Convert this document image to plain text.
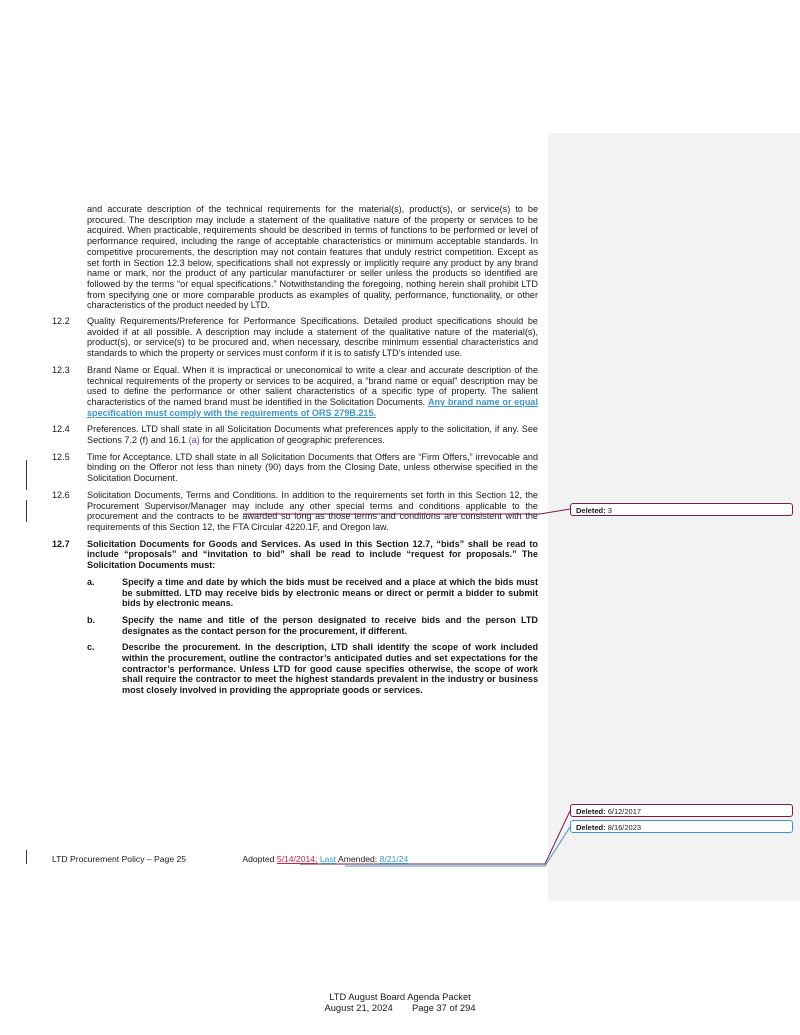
and accurate description of the technical requirements for the material(s), product(s), or service(s) to be procured. The description may include a statement of the qualitative nature of the property or services to be acquired. When practicable, requirements should be described in terms of functions to be performed or level of performance required, including the range of acceptable characteristics or minimum acceptable standards. In competitive procurements, the description may not contain features that unduly restrict competition. Except as set forth in Section 12.3 below, specifications shall not expressly or implicitly require any product by any brand name or mark, nor the product of any particular manufacturer or seller unless the products so identified are followed by the terms “or equal specifications.” Notwithstanding the foregoing, nothing herein shall prohibit LTD from specifying one or more comparable products as examples of quality, performance, functionality, or other characteristics of the product needed by LTD.

12.2 Quality Requirements/Preference for Performance Specifications. Detailed product specifications should be avoided if at all possible. A description may include a statement of the qualitative nature of the material(s), product(s), or service(s) to be procured and, when necessary, describe minimum essential characteristics and standards to which the property or services must conform if it is to satisfy LTD’s intended use.
12.3 Brand Name or Equal. When it is impractical or uneconomical to write a clear and accurate description of the technical requirements of the property or services to be acquired, a “brand name or equal” description may be used to define the performance or other salient characteristics of a specific type of property. The salient characteristics of the named brand must be identified in the Solicitation Documents. Any brand name or equal specification must comply with the requirements of ORS 279B.215.
12.4 Preferences. LTD shall state in all Solicitation Documents what preferences apply to the solicitation, if any. See Sections 7.2 (f) and 16.1 (a) for the application of geographic preferences.
12.5 Time for Acceptance. LTD shall state in all Solicitation Documents that Offers are “Firm Offers,” irrevocable and binding on the Offeror not less than ninety (90) days from the Closing Date, unless otherwise specified in the Solicitation Document.
12.6 Solicitation Documents, Terms and Conditions. In addition to the requirements set forth in this Section 12, the Procurement Supervisor/Manager may include any other special terms and conditions applicable to the procurement and the contracts to be awarded so long as those terms and conditions are consistent with the requirements of this Section 12, the FTA Circular 4220.1F, and Oregon law.
12.7 Solicitation Documents for Goods and Services. As used in this Section 12.7, “bids” shall be read to include “proposals” and “invitation to bid” shall be read to include “request for proposals.” The Solicitation Documents must:
a.	Specify a time and date by which the bids must be received and a place at which the bids must be submitted. LTD may receive bids by electronic means or direct or permit a bidder to submit bids by electronic means.
b.	Specify the name and title of the person designated to receive bids and the person LTD designates as the contact person for the procurement, if different.
c.	Describe the procurement. In the description, LTD shall identify the scope of work included within the procurement, outline the contractor’s anticipated duties and set expectations for the contractor’s performance. Unless LTD for good cause specifies otherwise, the scope of work shall require the contractor to meet the highest standards prevalent in the industry or business most closely involved in providing the appropriate goods or services.
Deleted: 3
Deleted: 6/12/2017
Deleted: 8/16/2023
LTD Procurement Policy – Page 25	Adopted 5/14/2014; Last Amended: 8/21/24
LTD August Board Agenda Packet
August 21, 2024 Page 37 of 294
